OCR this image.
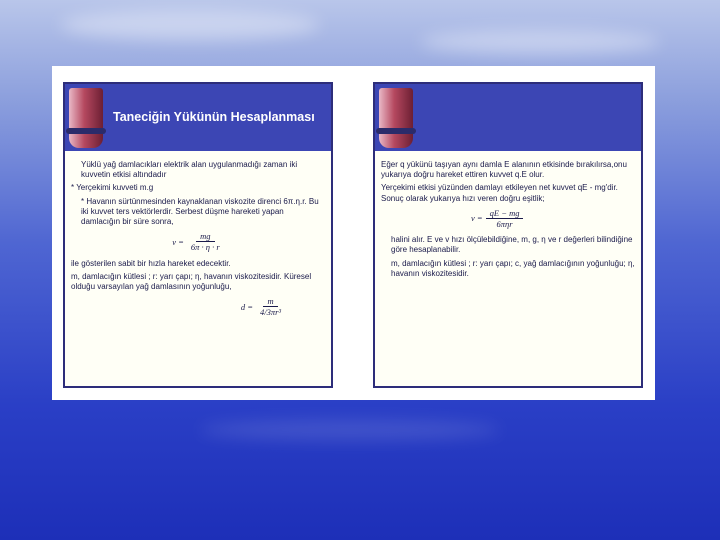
Taneciğin Yükünün Hesaplanması

Yüklü yağ damlacıkları elektrik alan uygulanmadığı zaman iki kuvvetin etkisi altındadır

* Yerçekimi kuvveti m.g

* Havanın sürtünmesinden kaynaklanan viskozite direnci 6π.η.r. Bu iki kuvvet ters vektörlerdir. Serbest düşme hareketi yapan damlacığın bir süre sonra,

$v = \frac{mg}{6\pi \cdot \eta \cdot r}$

ile gösterilen sabit bir hızla hareket edecektir.

m, damlacığın kütlesi ; r: yarı çapı; η, havanın viskozitesidir. Küresel olduğu varsayılan yağ damlasının yoğunluğu,

$d = \frac{m}{\text{4/3πr³}}$

Eğer q yükünü taşıyan aynı damla E alanının etkisinde bırakılırsa,onu yukarıya doğru hareket ettiren kuvvet q.E olur.

Yerçekimi etkisi yüzünden damlayı etkileyen net kuvvet qE - mg'dir. Sonuç olarak yukarıya hızı veren doğru eşitlik;

$v = \frac{qE - mg}{\text{6πηr}}$

halini alır. E ve v hızı ölçülebildiğine, m, g, η ve r değerleri bilindiğine göre hesaplanabilir.

m, damlacığın kütlesi ; r: yarı çapı; c, yağ damlacığının yoğunluğu; η, havanın viskozitesidir.
